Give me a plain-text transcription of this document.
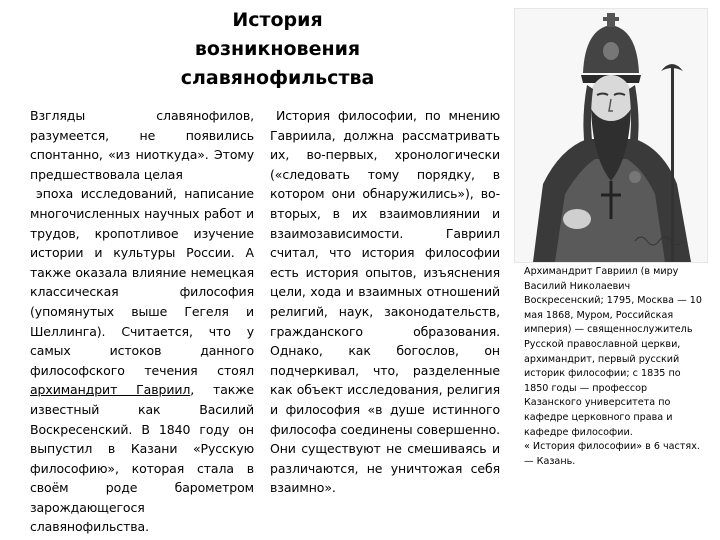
История
возникновения
славянофильства

Взгляды славянофилов, разумеется, не появились спонтанно, «из ниоткуда». Этому предшествовала целая

эпоха исследований, написание многочисленных научных работ и трудов, кропотливое изучение истории и культуры России. А также оказала влияние немецкая классическая философия (упомянутых выше Гегеля и Шеллинга). Считается, что у самых истоков данного философского течения стоял архимандрит Гавриил, также известный как Василий Воскресенский. В 1840 году он выпустил в Казани «Русскую философию», которая стала в своём роде барометром зарождающегося славянофильства.

История философии, по мнению Гавриила, должна рассматривать их, во-первых, хронологически («следовать тому порядку, в котором они обнаружились»), во-вторых, в их взаимовлиянии и взаимозависимости. Гавриил считал, что история философии есть история опытов, изъяснения цели, хода и взаимных отношений религий, наук, законодательств, гражданского образования. Однако, как богослов, он подчеркивал, что, разделенные как объект исследования, религия и философия «в душе истинного философа соединены совершенно. Они существуют не смешиваясь и различаются, не уничтожая себя взаимно».

Архимандрит Гавриил (в миру Василий Николаевич Воскресенский; 1795, Москва — 10 мая 1868, Муром, Российская империя) — священнослужитель Русской православной церкви, архимандрит, первый русский историк философии; с 1835 по 1850 годы — профессор Казанского университета по кафедре церковного права и кафедре философии.

« История философии» в 6 частях. — Казань.
